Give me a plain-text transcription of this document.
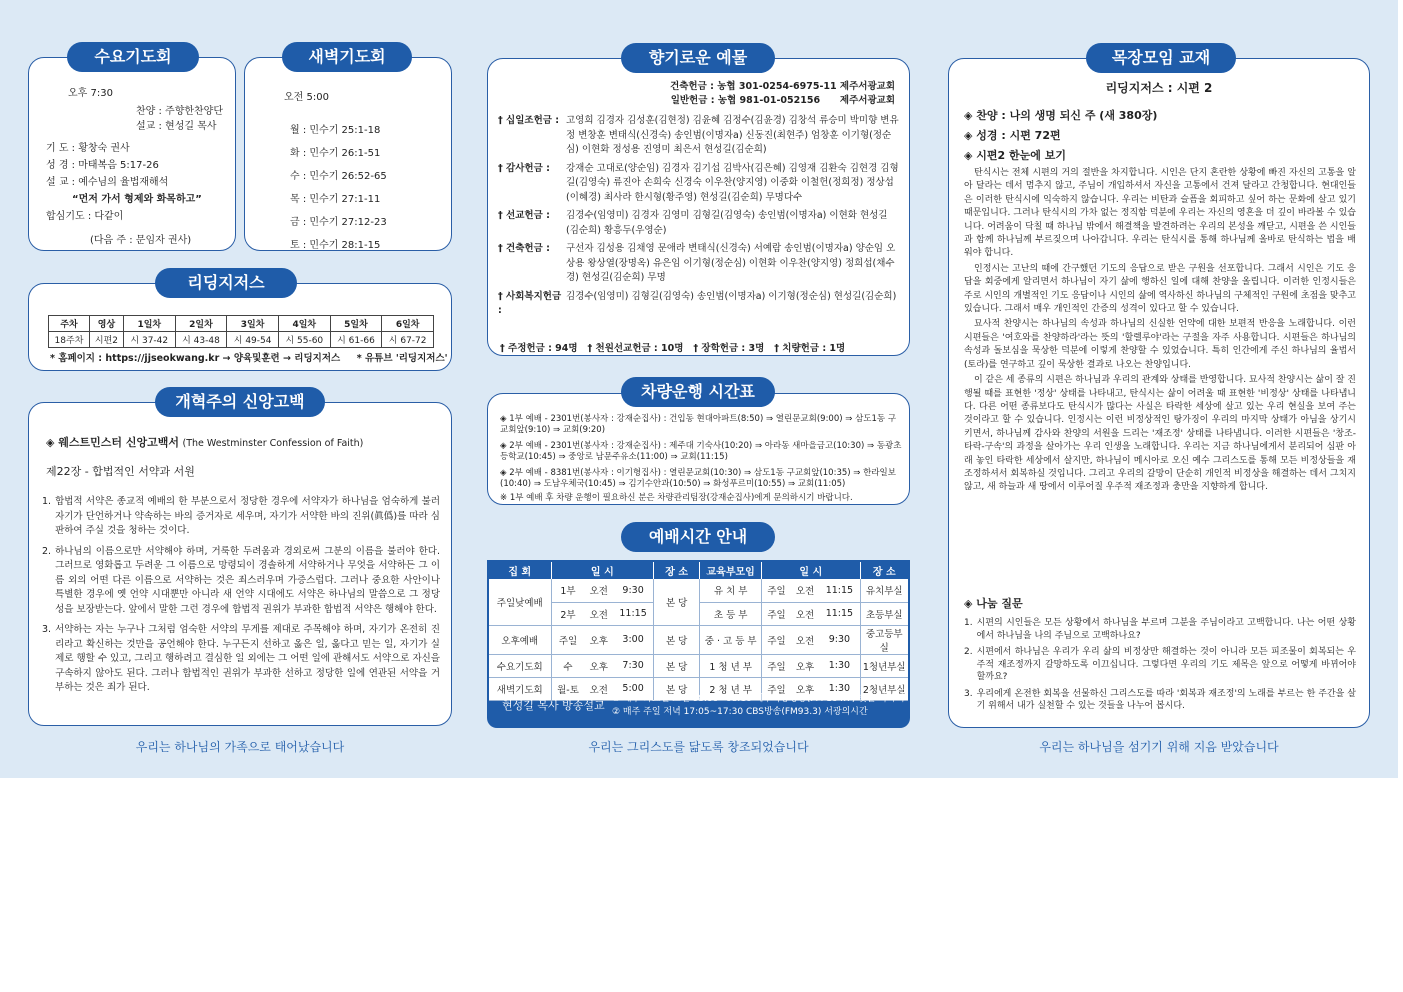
수요기도회
오후 7:30
찬양 : 주향한찬양단
설교 : 현성길 목사
기 도 : 황창숙 권사
성 경 : 마태복음 5:17-26
설 교 : 예수님의 율법재해석
“먼저 가서 형제와 화목하고”
합심기도 : 다같이
(다음 주 : 문임자 권사)
새벽기도회
오전 5:00
월 : 민수기 25:1-18
화 : 민수기 26:1-51
수 : 민수기 26:52-65
목 : 민수기 27:1-11
금 : 민수기 27:12-23
토 : 민수기 28:1-15
리딩지저스
주차	영상	1일차	2일차	3일차	4일차	5일차	6일차
18주차	시편2	시 37-42	시 43-48	시 49-54	시 55-60	시 61-66	시 67-72
* 홈페이지 : https://jjseokwang.kr → 양육및훈련 → 리딩지저스     * 유튜브 '리딩지저스'
개혁주의 신앙고백
◈ 웨스트민스터 신앙고백서 (The Westminster Confession of Faith)
제22장 - 합법적인 서약과 서원
1. 합법적 서약은 종교적 예배의 한 부분으로서 정당한 경우에 서약자가 하나님을 엄숙하게 불러 자기가 단언하거나 약속하는 바의 증거자로 세우며, 자기가 서약한 바의 진위(眞僞)를 따라 심판하여 주실 것을 청하는 것이다.
2. 하나님의 이름으로만 서약해야 하며, 거룩한 두려움과 경외로써 그분의 이름을 불러야 한다. 그러므로 영화롭고 두려운 그 이름으로 망령되이 경솔하게 서약하거나 무엇을 서약하든 그 이름 외의 어떤 다른 이름으로 서약하는 것은 죄스러우며 가증스럽다. 그러나 중요한 사안이나 특별한 경우에 옛 언약 시대뿐만 아니라 새 언약 시대에도 서약은 하나님의 말씀으로 그 정당성을 보장받는다. 앞에서 말한 그런 경우에 합법적 권위가 부과한 합법적 서약은 행해야 한다.
3. 서약하는 자는 누구나 그처럼 엄숙한 서약의 무게를 제대로 주목해야 하며, 자기가 온전히 진리라고 확신하는 것만을 공언해야 한다. 누구든지 선하고 옳은 일, 옳다고 믿는 일, 자기가 실제로 행할 수 있고, 그리고 행하려고 결심한 일 외에는 그 어떤 일에 관해서도 서약으로 자신을 구속하지 않아도 된다. 그러나 합법적인 권위가 부과한 선하고 정당한 일에 연관된 서약을 거부하는 것은 죄가 된다.
향기로운 예물
건축헌금 : 농협 301-0254-6975-11 제주서광교회
일반헌금 : 농협 981-01-052156      제주서광교회
† 십일조헌금 : 고영희 김경자 김성훈(김현정) 김윤혜 김정수(김윤경) 김창석 류승미 박미향 변유정 변창훈 변태식(신경숙) 송인범(이명자a) 신동진(최현주) 엄창훈 이기형(정순심) 이현화 정성용 진영미 최은서 현성길(김순희)
† 감사헌금 :	강재순 고대로(양순임) 김경자 김기섭 김박사(김은혜) 김영재 김환숙 김현경 김형길(김영숙) 류진아 손희숙 신경숙 이우찬(양지영) 이중화 이철헌(정희정) 정상섭(이혜경) 최사라 한시형(황주영) 현성길(김순희) 무명다수
† 선교헌금 :	김경수(임영미) 김경자 김영미 김형길(김영숙) 송인범(이명자a) 이현화 현성길(김순희) 황흥두(우영순)
† 건축헌금 :	구선자 김성용 김채영 문애라 변태식(신경숙) 서예람 송인범(이명자a) 양순임 오상용 왕상열(장명옥) 유은임 이기형(정순심) 이현화 이우찬(양지영) 정희섭(채수경) 현성길(김순희) 무명
† 사회복지헌금 :
김경수(임영미) 김형길(김영숙) 송인범(이명자a) 이기형(정순심) 현성길(김순희)
† 주정헌금 : 94명   † 천원선교헌금 : 10명   † 장학헌금 : 3명   † 치량헌금 : 1명
차량운행 시간표

◈ 1부 예배 - 2301번(봉사자 : 강재순집사) : 건입동 현대아파트(8:50) ⇒ 열린문교회(9:00) ⇒ 삼도1동 구교회앞(9:10) ⇒ 교회(9:20)

◈ 2부 예배 - 2301번(봉사자 : 강재순집사) : 제주대 기숙사(10:20) ⇒ 아라동 새마을금고(10:30) ⇒ 동광초등학교(10:45) ⇒ 중앙로 남문주유소(11:00) ⇒ 교회(11:15)

◈ 2부 예배 - 8381번(봉사자 : 이기형집사) : 열린문교회(10:30) ⇒ 삼도1동 구교회앞(10:35) ⇒ 한라일보(10:40) ⇒ 도남우체국(10:45) ⇒ 김기수안과(10:50) ⇒ 화성푸르미(10:55) ⇒ 교회(11:05)

※ 1부 예배 후 차량 운행이 필요하신 분은 차량관리팀장(강재순집사)에게 문의하시기 바랍니다.
예배시간 안내
집 회	일 시			장 소	교육부모임	일 시			장 소
주일낮예배	1부	오전	9:30	본 당	유 치 부	주일	오전	11:15	유치부실
	2부	오전	11:15		초 등 부	주일	오전	11:15	초등부실
오후예배	주일	오후	3:00	본 당	중 · 고 등 부	주일	오전	9:30	중고등부실
수요기도회	수	오후	7:30	본 당	1 청 년 부	주일	오후	1:30	1청년부실
새벽기도회	월-토	오전	5:00	본 당	2 청 년 부	주일	오후	1:30	2청년부실
현성길 목사 방송설교 ① 매주 화요일 오전 08:00~08:10 제주극동방송(FM 104.7) 빛을 따라서
② 매주 주일 저녁 17:05~17:30 CBS방송(FM93.3) 서광의시간
목장모임 교재
리딩지저스 : 시편 2
◈ 찬양 : 나의 생명 되신 주 (새 380장)
◈ 성경 : 시편 72편
◈ 시편2 한눈에 보기

탄식시는 전체 시편의 거의 절반을 차지합니다. 시인은 단지 혼란한 상황에 빠진 자신의 고통을 알아 달라는 데서 멈추지 않고, 주님이 개입하셔서 자신을 고통에서 건져 달라고 간청합니다. 현대인들은 이러한 탄식시에 익숙하지 않습니다. 우리는 비탄과 슬픔을 회피하고 싶어 하는 문화에 살고 있기 때문입니다. 그러나 탄식시의 가차 없는 정직함 덕분에 우리는 자신의 영혼을 더 깊이 바라볼 수 있습니다. 어려움이 닥칠 때 하나님 밖에서 해결책을 발견하려는 우리의 본성을 깨닫고, 시편을 쓴 시인들과 함께 하나님께 부르짖으며 나아갑니다. 우리는 탄식시를 통해 하나님께 올바로 탄식하는 법을 배워야 합니다.

인정시는 고난의 때에 간구했던 기도의 응답으로 받은 구원을 선포합니다. 그래서 시인은 기도 응답을 회중에게 알리면서 하나님이 자기 삶에 행하신 일에 대해 찬양을 올립니다. 이러한 인정시들은 주로 시인의 개별적인 기도 응답이나 시인의 삶에 역사하신 하나님의 구체적인 구원에 초점을 맞추고 있습니다. 그래서 매우 개인적인 간증의 성격이 있다고 할 수 있습니다.

묘사적 찬양시는 하나님의 속성과 하나님의 신실한 언약에 대한 보편적 반응을 노래합니다. 이런 시편들은 '여호와를 찬양하라'라는 뜻의 '할렐루야'라는 구절을 자주 사용합니다. 시편들은 하나님의 속성과 돌보심을 묵상한 덕분에 이렇게 찬양할 수 있었습니다. 특히 인간에게 주신 하나님의 율법서(토라)를 연구하고 깊이 묵상한 결과로 나오는 찬양입니다.

이 같은 세 종류의 시편은 하나님과 우리의 관계와 상태를 반영합니다. 묘사적 찬양시는 삶이 잘 진행될 때를 표현한 '정상' 상태를 나타내고, 탄식시는 삶이 어려울 때 표현한 '비정상' 상태를 나타냅니다. 다른 어떤 종류보다도 탄식시가 많다는 사실은 타락한 세상에 살고 있는 우리 현실을 보여 주는 것이라고 할 수 있습니다. 인정시는 이런 비정상적인 탕가징이 우리의 마지막 상태가 아님을 상기시키면서, 하나님께 감사와 찬양의 서원을 드리는 '재조정' 상태를 나타냅니다. 이러한 시편들은 '창조-타락-구속'의 과정을 살아가는 우리 인생을 노래합니다. 우리는 지금 하나님에게서 분리되어 심판 아래 놓인 타락한 세상에서 살지만, 하나님이 메시아로 오신 예수 그리스도를 통해 모든 비정상들을 재조정하셔서 회복하실 것입니다. 그리고 우리의 갈망이 단순히 개인적 비정상을 해결하는 데서 그치지 않고, 새 하늘과 새 땅에서 이루어질 우주적 재조정과 충만을 지향하게 합니다.

◈ 나눔 질문
1. 시편의 시인들은 모든 상황에서 하나님을 부르며 그분을 주님이라고 고백합니다. 나는 어떤 상황에서 하나님을 나의 주님으로 고백하나요?
2. 시편에서 하나님은 우리가 우리 삶의 비정상만 해결하는 것이 아니라 모든 피조물이 회복되는 우주적 재조정까지 갈망하도록 이끄십니다. 그렇다면 우리의 기도 제목은 앞으로 어떻게 바뀌어야 할까요?
3. 우리에게 온전한 회복을 선물하신 그리스도를 따라 '회복과 재조정'의 노래를 부르는 한 주간을 살기 위해서 내가 실천할 수 있는 것들을 나누어 봅시다.
우리는 하나님의 가족으로 태어났습니다	우리는 그리스도를 닮도록 창조되었습니다	우리는 하나님을 섬기기 위해 지음 받았습니다
